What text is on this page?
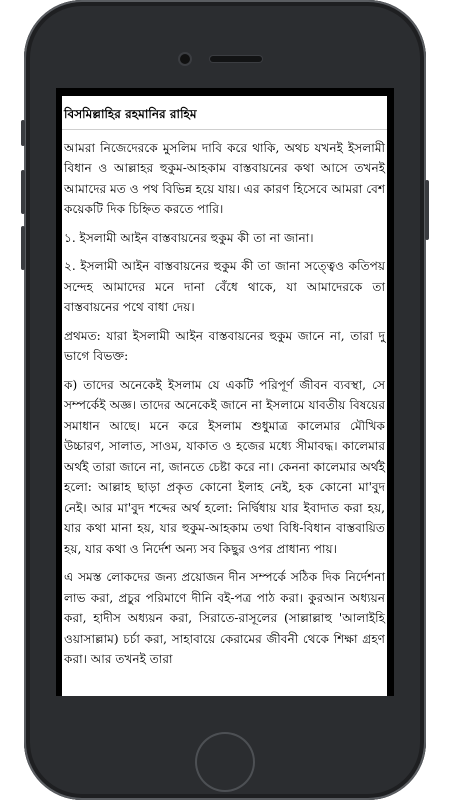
বিসমিল্লাহির রহমানির রাহিম

আমরা নিজেদেরকে মুসলিম দাবি করে থাকি, অথচ যখনই ইসলামী বিধান ও আল্লাহর হুকুম-আহকাম বাস্তবায়নের কথা আসে তখনই আমাদের মত ও পথ বিভিন্ন হয়ে যায়। এর কারণ হিসেবে আমরা বেশ কয়েকটি দিক চিহ্নিত করতে পারি।

১. ইসলামী আইন বাস্তবায়নের হুকুম কী তা না জানা।

২. ইসলামী আইন বাস্তবায়নের হুকুম কী তা জানা সত্ত্বেও কতিপয় সন্দেহ আমাদের মনে দানা বেঁধে থাকে, যা আমাদেরকে তা বাস্তবায়নের পথে বাধা দেয়।

প্রথমত: যারা ইসলামী আইন বাস্তবায়নের হুকুম জানে না, তারা দু ভাগে বিভক্ত:

ক) তাদের অনেকেই ইসলাম যে একটি পরিপূর্ণ জীবন ব্যবস্থা, সে সম্পর্কেই অজ্ঞ। তাদের অনেকেই জানে না ইসলামে যাবতীয় বিষয়ের সমাধান আছে। মনে করে ইসলাম শুধুমাত্র কালেমার মৌখিক উচ্চারণ, সালাত, সাওম, যাকাত ও হজের মধ্যে সীমাবদ্ধ। কালেমার অর্থই তারা জানে না, জানতে চেষ্টা করে না। কেননা কালেমার অর্থই হলো: আল্লাহ ছাড়া প্রকৃত কোনো ইলাহ নেই, হক কোনো মা'বুদ নেই। আর মা'বুদ শব্দের অর্থ হলো: নির্দ্বিধায় যার ইবাদাত করা হয়, যার কথা মানা হয়, যার হুকুম-আহকাম তথা বিধি-বিধান বাস্তবায়িত হয়, যার কথা ও নির্দেশ অন্য সব কিছুর ওপর প্রাধান্য পায়।

এ সমস্ত লোকদের জন্য প্রয়োজন দীন সম্পর্কে সঠিক দিক নির্দেশনা লাভ করা, প্রচুর পরিমাণে দীনি বই-পত্র পাঠ করা। কুরআন অধ্যয়ন করা, হাদীস অধ্যয়ন করা, সিরাতে-রাসূলের (সাল্লাল্লাহু 'আলাইহি ওয়াসাল্লাম) চর্চা করা, সাহাবায়ে কেরামের জীবনী থেকে শিক্ষা গ্রহণ করা। আর তখনই তারা
